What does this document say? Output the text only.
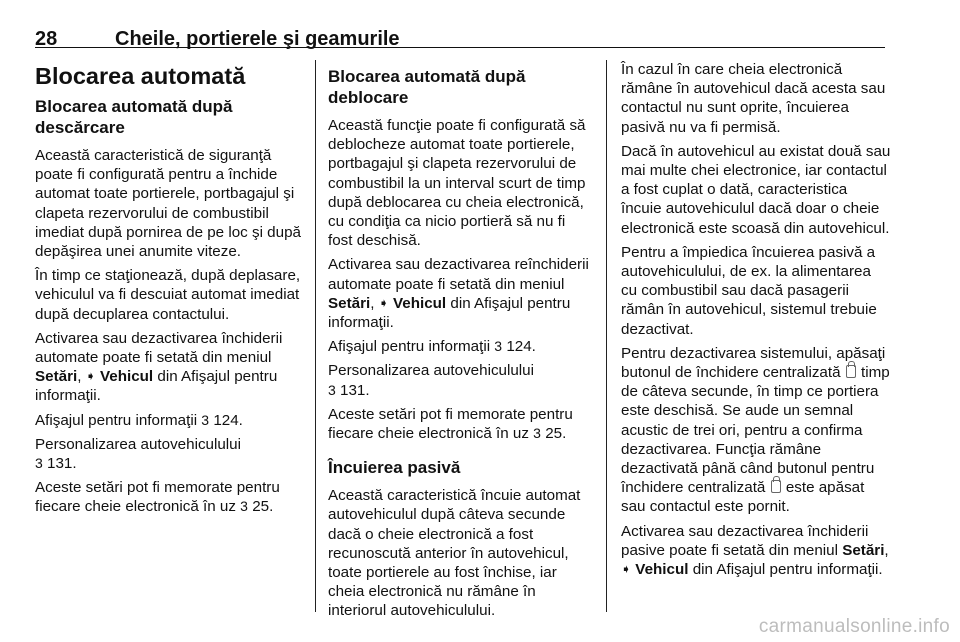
28	Cheile, portierele şi geamurile
Blocarea automată
Blocarea automată după descărcare

Această caracteristică de siguranţă poate fi configurată pentru a închide automat toate portierele, portbagajul şi clapeta rezervorului de combustibil imediat după pornirea de pe loc şi după depăşirea unei anumite viteze.

În timp ce staţionează, după deplasare, vehiculul va fi descuiat automat imediat după decuplarea contactului.

Activarea sau dezactivarea închiderii automate poate fi setată din meniul Setări, ➧ Vehicul din Afişajul pentru informaţii.

Afişajul pentru informaţii 3 124.

Personalizarea autovehiculului
3 131.

Aceste setări pot fi memorate pentru fiecare cheie electronică în uz 3 25.

Blocarea automată după deblocare

Această funcţie poate fi configurată să deblocheze automat toate portierele, portbagajul şi clapeta rezervorului de combustibil la un interval scurt de timp după deblocarea cu cheia electronică, cu condiţia ca nicio portieră să nu fi fost deschisă.

Activarea sau dezactivarea reînchiderii automate poate fi setată din meniul Setări, ➧ Vehicul din Afişajul pentru informaţii.

Afişajul pentru informaţii 3 124.

Personalizarea autovehiculului
3 131.

Aceste setări pot fi memorate pentru fiecare cheie electronică în uz 3 25.

Încuierea pasivă

Această caracteristică încuie automat autovehiculul după câteva secunde dacă o cheie electronică a fost recunoscută anterior în autovehicul, toate portierele au fost închise, iar cheia electronică nu rămâne în interiorul autovehiculului.

În cazul în care cheia electronică rămâne în autovehicul dacă acesta sau contactul nu sunt oprite, încuierea pasivă nu va fi permisă.

Dacă în autovehicul au existat două sau mai multe chei electronice, iar contactul a fost cuplat o dată, caracteristica încuie autovehiculul dacă doar o cheie electronică este scoasă din autovehicul.

Pentru a împiedica încuierea pasivă a autovehiculului, de ex. la alimentarea cu combustibil sau dacă pasagerii rămân în autovehicul, sistemul trebuie dezactivat.

Pentru dezactivarea sistemului, apăsaţi butonul de închidere centralizată  timp de câteva secunde, în timp ce portiera este deschisă. Se aude un semnal acustic de trei ori, pentru a confirma dezactivarea. Funcţia rămâne dezactivată până când butonul pentru închidere centralizată  este apăsat sau contactul este pornit.

Activarea sau dezactivarea închiderii pasive poate fi setată din meniul Setări, ➧ Vehicul din Afişajul pentru informaţii.

carmanualsonline.info
